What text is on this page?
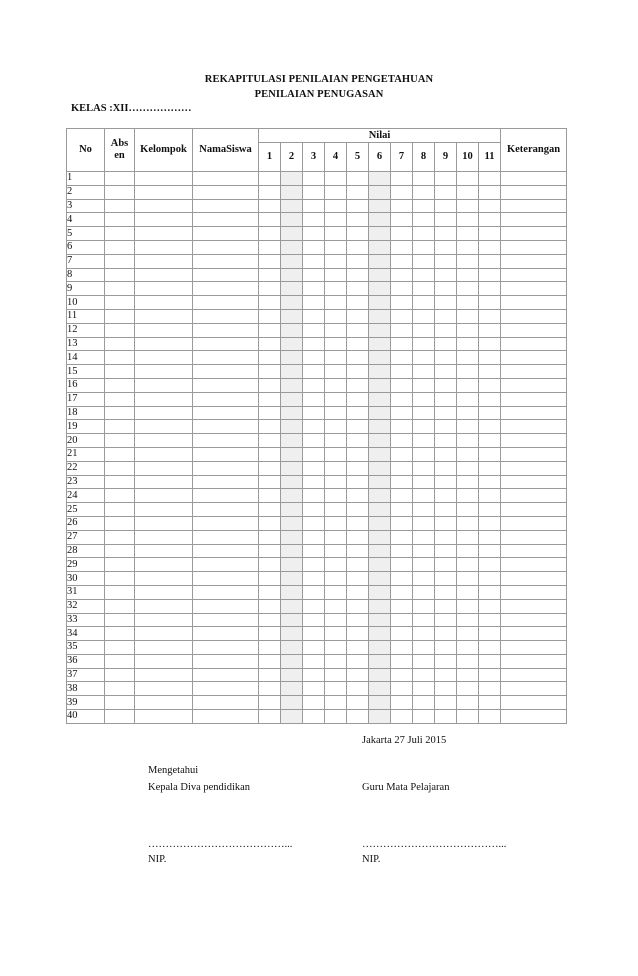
REKAPITULASI PENILAIAN PENGETAHUAN
PENILAIAN PENUGASAN
KELAS :XII………………
No	Absen	Kelompok	NamaSiswa	Nilai											Keterangan
				1	2	3	4	5	6	7	8	9	10	11	
1															
2															
3															
4															
5															
6															
7															
8															
9															
10															
11															
12															
13															
14															
15															
16															
17															
18															
19															
20															
21															
22															
23															
24															
25															
26															
27															
28															
29															
30															
31															
32															
33															
34															
35															
36															
37															
38															
39															
40															
Jakarta 27 Juli 2015
Mengetahui
Kepala Diva pendidikan	Guru Mata Pelajaran
…………………………………...	…………………………………...
NIP.	NIP.
